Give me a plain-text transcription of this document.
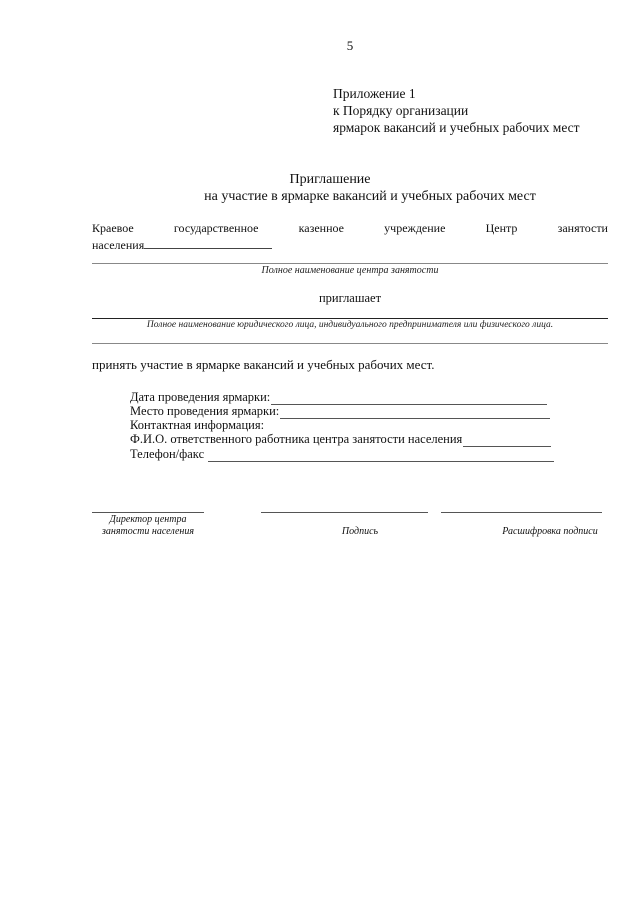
5
Приложение 1
к Порядку организации
ярмарок вакансий и учебных рабочих мест
Приглашение
на участие в ярмарке вакансий и учебных рабочих мест
Краевое	государственное	казенное	учреждение	Центр	занятости
населения
Полное наименование центра занятости
приглашает
Полное наименование юридического лица, индивидуального предпринимателя или физического лица.
принять участие в ярмарке вакансий и учебных рабочих мест.
Дата проведения ярмарки:
Место проведения ярмарки:
Контактная информация:
Ф.И.О. ответственного работника центра занятости населения
Телефон/факс
Директор центра
занятости населения	Подпись	Расшифровка подписи
